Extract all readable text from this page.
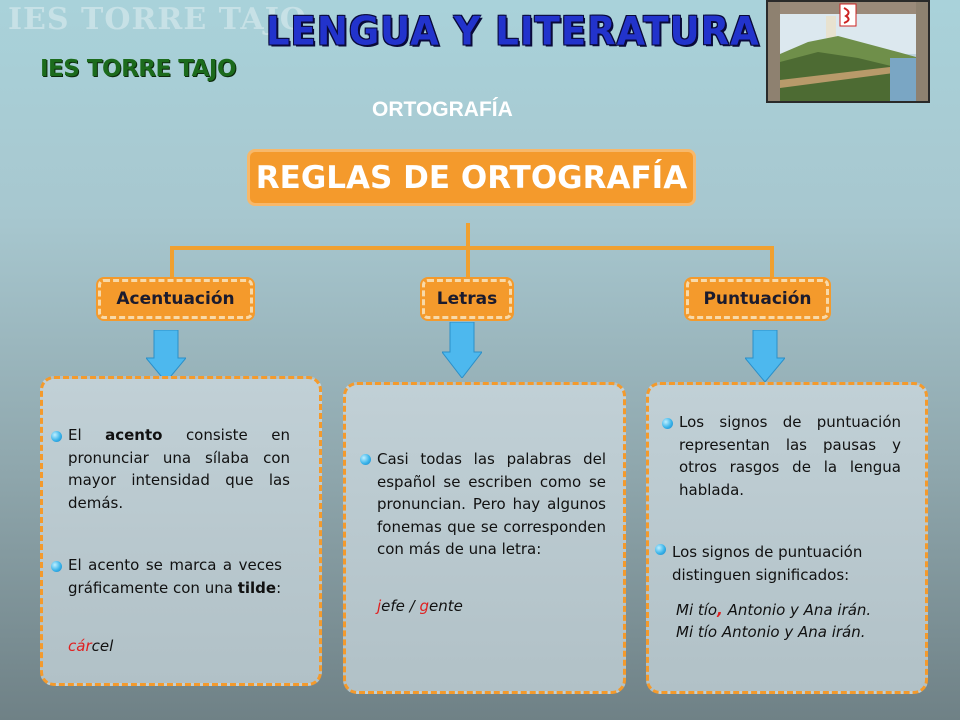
IES TORRE TAJO
LENGUA Y LITERATURA
IES TORRE TAJO
ORTOGRAFÍA
REGLAS DE ORTOGRAFÍA
Acentuación	Letras	Puntuación
El acento consiste en pronunciar una sílaba con mayor intensidad que las demás.
El acento se marca a veces gráficamente con una tilde:
cárcel
Casi todas las palabras del español se escriben como se pronuncian. Pero hay algunos fonemas que se corresponden con más de una letra:
jefe / gente
Los signos de puntuación representan las pausas y otros rasgos de la lengua hablada.
Los signos de puntuación distinguen significados:
Mi tío, Antonio y Ana irán.
Mi tío Antonio y Ana irán.
